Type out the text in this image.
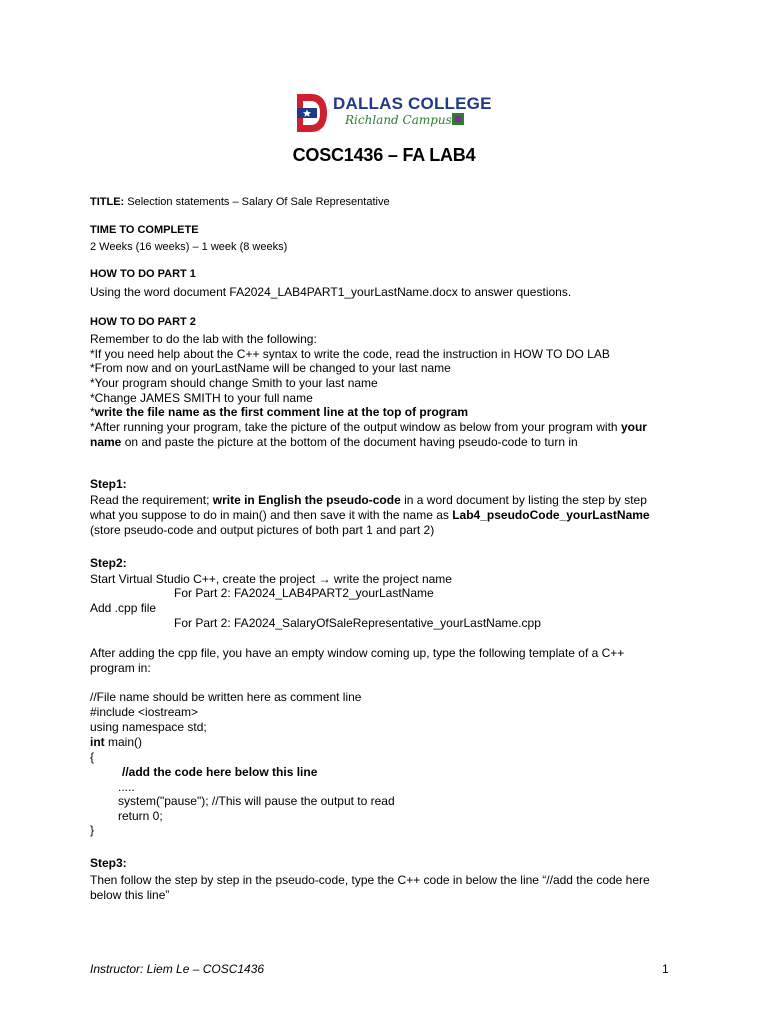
DALLAS COLLEGE
Richland Campus
COSC1436 – FA LAB4
TITLE: Selection statements – Salary Of Sale Representative
TIME TO COMPLETE
2 Weeks (16 weeks) – 1 week (8 weeks)
HOW TO DO PART 1
Using the word document FA2024_LAB4PART1_yourLastName.docx to answer questions.
HOW TO DO PART 2
Remember to do the lab with the following:
*If you need help about the C++ syntax to write the code, read the instruction in HOW TO DO LAB
*From now and on yourLastName will be changed to your last name
*Your program should change Smith to your last name
*Change JAMES SMITH to your full name
*write the file name as the first comment line at the top of program
*After running your program, take the picture of the output window as below from your program with your
name on and paste the picture at the bottom of the document having pseudo-code to turn in
Step1:
Read the requirement; write in English the pseudo-code in a word document by listing the step by step
what you suppose to do in main() and then save it with the name as Lab4_pseudoCode_yourLastName
(store pseudo-code and output pictures of both part 1 and part 2)
Step2:
Start Virtual Studio C++, create the project → write the project name
For Part 2: FA2024_LAB4PART2_yourLastName
Add .cpp file
For Part 2: FA2024_SalaryOfSaleRepresentative_yourLastName.cpp
After adding the cpp file, you have an empty window coming up, type the following template of a C++
program in:
//File name should be written here as comment line
#include <iostream>
using namespace std;
int main()
{
//add the code here below this line
.....
system("pause"); //This will pause the output to read
return 0;
}
Step3:
Then follow the step by step in the pseudo-code, type the C++ code in below the line “//add the code here
below this line”
Instructor: Liem Le – COSC1436	1
